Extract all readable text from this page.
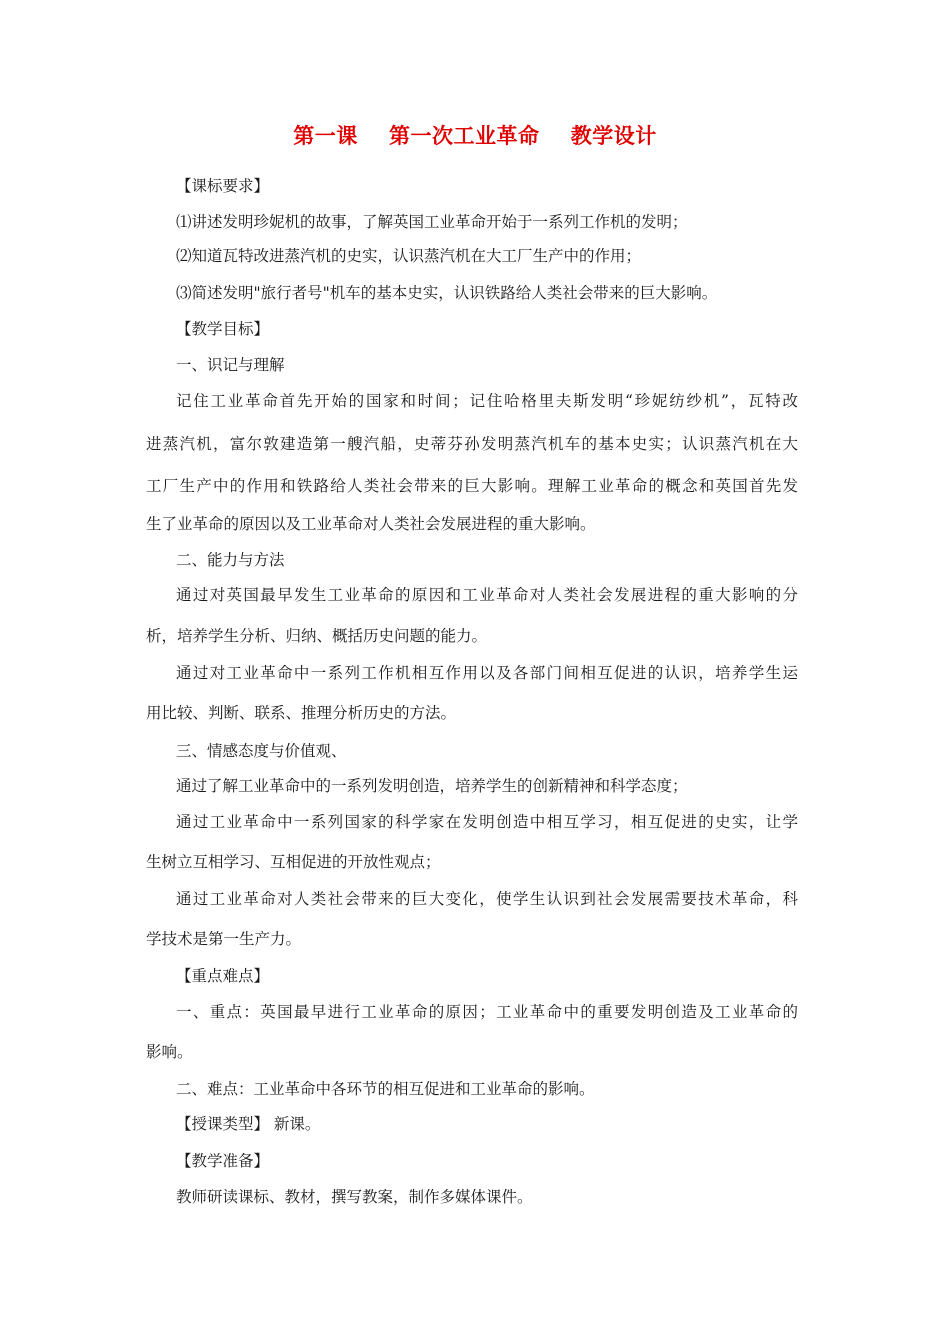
第一课    第一次工业革命    教学设计
【课标要求】
⑴讲述发明珍妮机的故事，了解英国工业革命开始于一系列工作机的发明；
⑵知道瓦特改进蒸汽机的史实，认识蒸汽机在大工厂生产中的作用；
⑶简述发明"旅行者号"机车的基本史实，认识铁路给人类社会带来的巨大影响。
【教学目标】
一、识记与理解
记住工业革命首先开始的国家和时间；记住哈格里夫斯发明“珍妮纺纱机”，瓦特改
进蒸汽机，富尔敦建造第一艘汽船，史蒂芬孙发明蒸汽机车的基本史实；认识蒸汽机在大
工厂生产中的作用和铁路给人类社会带来的巨大影响。理解工业革命的概念和英国首先发
生了业革命的原因以及工业革命对人类社会发展进程的重大影响。
二、能力与方法
通过对英国最早发生工业革命的原因和工业革命对人类社会发展进程的重大影响的分
析，培养学生分析、归纳、概括历史问题的能力。
通过对工业革命中一系列工作机相互作用以及各部门间相互促进的认识，培养学生运
用比较、判断、联系、推理分析历史的方法。
三、情感态度与价值观、
通过了解工业革命中的一系列发明创造，培养学生的创新精神和科学态度；
通过工业革命中一系列国家的科学家在发明创造中相互学习，相互促进的史实，让学
生树立互相学习、互相促进的开放性观点；
通过工业革命对人类社会带来的巨大变化，使学生认识到社会发展需要技术革命，科
学技术是第一生产力。
【重点难点】
一、重点：英国最早进行工业革命的原因；工业革命中的重要发明创造及工业革命的
影响。
二、难点：工业革命中各环节的相互促进和工业革命的影响。
【授课类型】 新课。
【教学准备】
教师研读课标、教材，撰写教案，制作多媒体课件。
